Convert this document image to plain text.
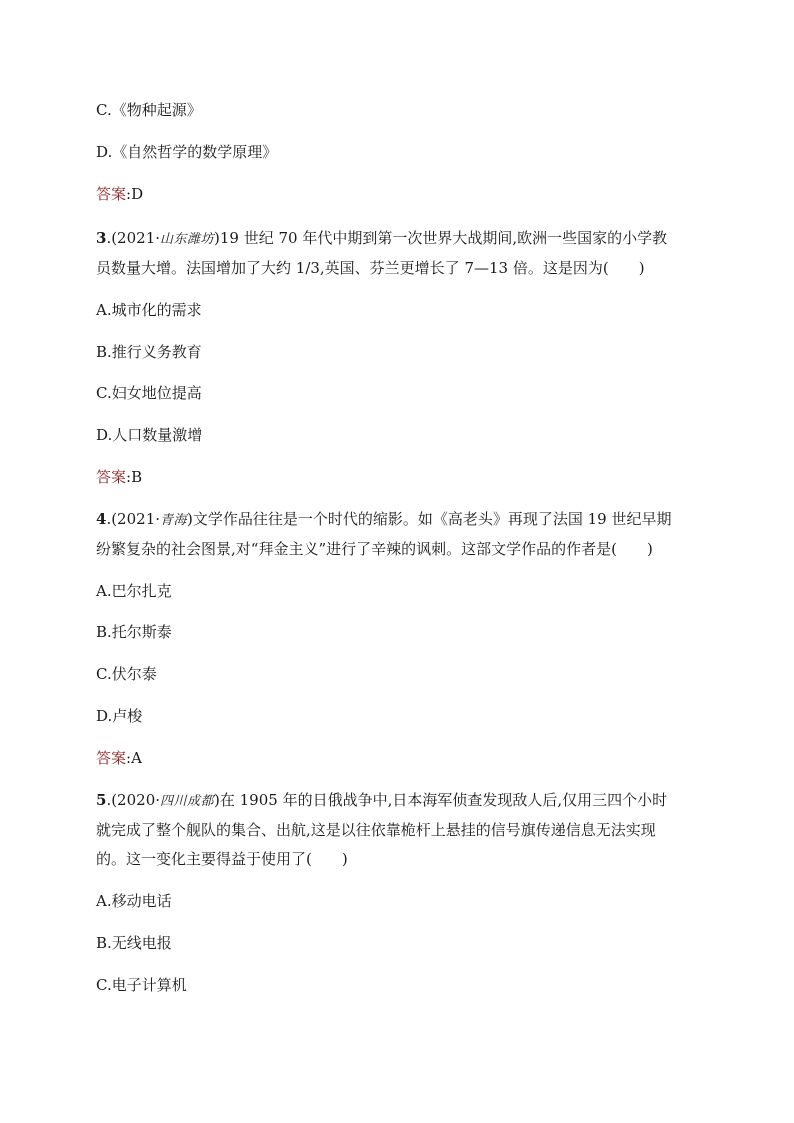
C.《物种起源》
D.《自然哲学的数学原理》
答案:D
3.(2021·山东潍坊)19 世纪 70 年代中期到第一次世界大战期间,欧洲一些国家的小学教
员数量大增。法国增加了大约 1/3,英国、芬兰更增长了 7—13 倍。这是因为(　　)
A.城市化的需求
B.推行义务教育
C.妇女地位提高
D.人口数量激增
答案:B
4.(2021·青海)文学作品往往是一个时代的缩影。如《高老头》再现了法国 19 世纪早期
纷繁复杂的社会图景,对“拜金主义”进行了辛辣的讽刺。这部文学作品的作者是(　　)
A.巴尔扎克
B.托尔斯泰
C.伏尔泰
D.卢梭
答案:A
5.(2020·四川成都)在 1905 年的日俄战争中,日本海军侦查发现敌人后,仅用三四个小时
就完成了整个舰队的集合、出航,这是以往依靠桅杆上悬挂的信号旗传递信息无法实现
的。这一变化主要得益于使用了(　　)
A.移动电话
B.无线电报
C.电子计算机
